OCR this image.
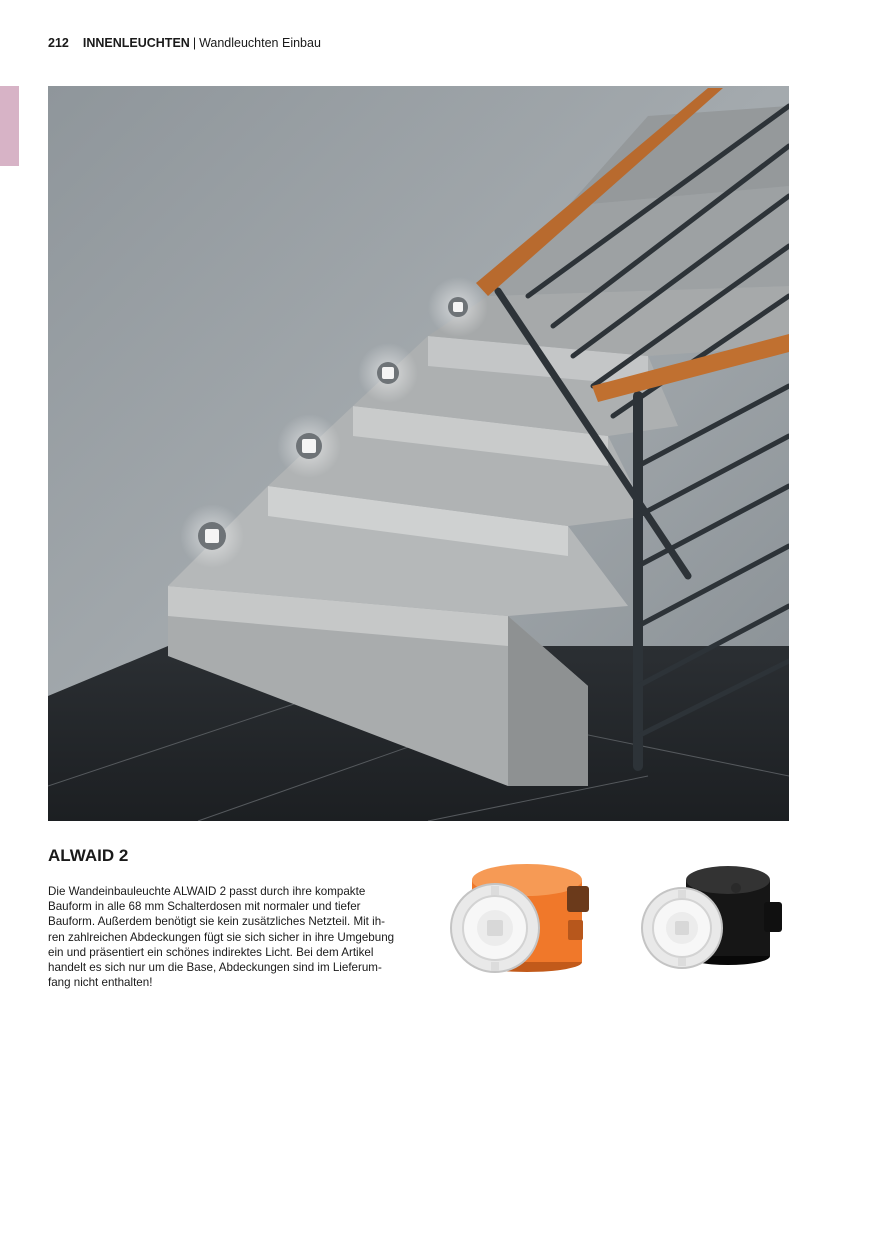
212 INNENLEUCHTEN | Wandleuchten Einbau
ALWAID 2
Die Wandeinbauleuchte ALWAID 2 passt durch ihre kompakte
Bauform in alle 68 mm Schalterdosen mit normaler und tiefer
Bauform. Außerdem benötigt sie kein zusätzliches Netzteil. Mit ih-
ren zahlreichen Abdeckungen fügt sie sich sicher in ihre Umgebung
ein und präsentiert ein schönes indirektes Licht. Bei dem Artikel
handelt es sich nur um die Base, Abdeckungen sind im Lieferum-
fang nicht enthalten!
